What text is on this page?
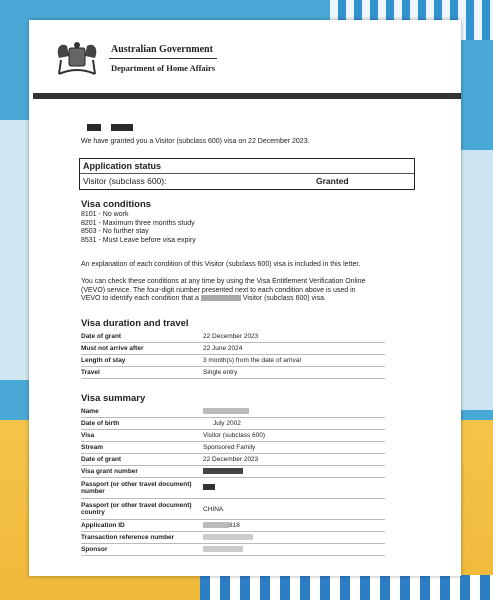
Australian Government
Department of Home Affairs
We have granted you a Visitor (subclass 600) visa on 22 December 2023.
Application status
Visitor (subclass 600):	Granted
Visa conditions
8101 - No work
8201 - Maximum three months study
8503 - No further stay
8531 - Must Leave before visa expiry
An explanation of each condition of this Visitor (subclass 600) visa is included in this letter.
You can check these conditions at any time by using the Visa Entitlement Verification Online
(VEVO) service. The four-digit number presented next to each condition above is used in
VEVO to identify each condition that a	Visitor (subclass 600) visa.
Visa duration and travel
Date of grant	22 December 2023
Must not arrive after	22 June 2024
Length of stay	3 month(s) from the date of arrival
Travel	Single entry
Visa summary
Name
Date of birth	July 2002
Visa	Visitor (subclass 600)
Stream	Sponsored Family
Date of grant	22 December 2023
Visa grant number
Passport (or other travel document) number
Passport (or other travel document) country	CHINA
Application ID	818
Transaction reference number
Sponsor
